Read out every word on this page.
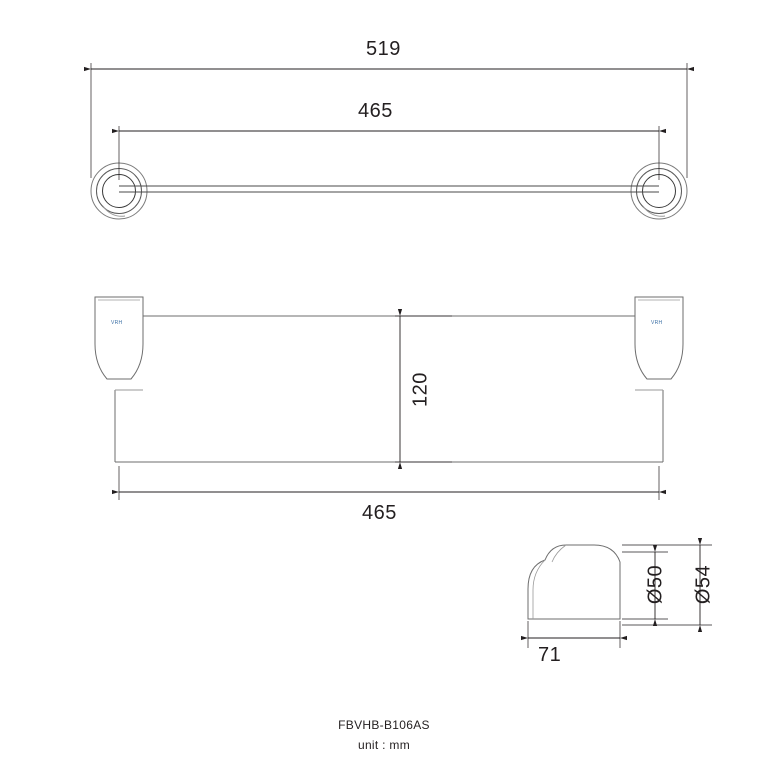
519
465
120
465
71
Ø50 Ø54
VRH	VRH
FBVHB-B106AS
unit : mm
